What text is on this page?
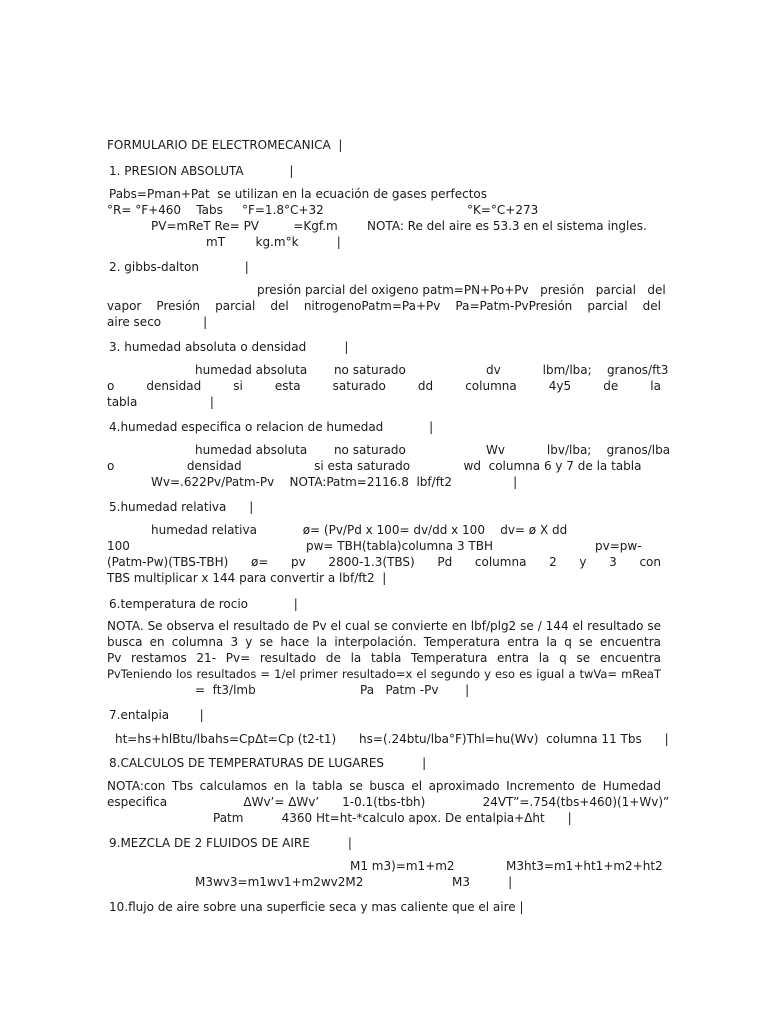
FORMULARIO DE ELECTROMECANICA  |
1. PRESION ABSOLUTA            |
Pabs=Pman+Pat  se utilizan en la ecuación de gases perfectos
°R= °F+460    Tabs     °F=1.8°C+32	°K=°C+273
PV=mReT Re= PV         =Kgf.m NOTA: Re del aire es 53.3 en el sistema ingles.
mT        kg.m°k          |
2. gibbs-dalton            |
presión parcial del oxigeno patm=PN+Po+Pv   presión   parcial   del
vapor Presión parcial del nitrogenoPatm=Pa+Pv Pa=Patm-PvPresión parcial del
aire seco           |
3. humedad absoluta o densidad          |
humedad absoluta       no saturado                     dv           lbm/lba;    granos/ft3
o densidad si esta saturado dd columna 4y5 de la
tabla                   |
4.humedad especifica o relacion de humedad            |
humedad absoluta       no saturado                     Wv           lbv/lba;    granos/lba
o                   densidad                   si esta saturado              wd  columna 6 y 7 de la tabla
Wv=.622Pv/Patm-Pv    NOTA:Patm=2116.8  lbf/ft2                |
5.humedad relativa      |
humedad relativa            ø= (Pv/Pd x 100= dv/dd x 100    dv= ø X dd
100	pw= TBH(tabla)columna 3 TBH	pv=pw-
(Patm-Pw)(TBS-TBH) ø= pv 2800-1.3(TBS) Pd columna 2 y 3 con
TBS multiplicar x 144 para convertir a lbf/ft2  |
6.temperatura de rocio            |
NOTA. Se observa el resultado de Pv el cual se convierte en lbf/plg2 se / 144 el resultado se
busca en columna 3 y se hace la interpolación. Temperatura entra la q se encuentra
Pv restamos 21- Pv= resultado de la tabla Temperatura entra la q se encuentra
PvTeniendo los resultados = 1/el primer resultado=x el segundo y eso es igual a twVa= mReaT
=  ft3/lmb	Pa   Patm -Pv       |
7.entalpia        |
ht=hs+hlBtu/lbahs=CpΔt=Cp (t2-t1)      hs=(.24btu/lba°F)Thl=hu(Wv)  columna 11 Tbs      |
8.CALCULOS DE TEMPERATURAS DE LUGARES          |
NOTA:con Tbs calculamos en la tabla se busca el aproximado Incremento de Humedad
especifica                    ΔWv’= ΔWv’      1-0.1(tbs-tbh)               24VT”=.754(tbs+460)(1+Wv)”
Patm          4360 Ht=ht-*calculo apox. De entalpia+Δht      |
9.MEZCLA DE 2 FLUIDOS DE AIRE          |
M1 m3)=m1+m2	M3ht3=m1+ht1+m2+ht2
M3wv3=m1wv1+m2wv2M2	M3          |
10.flujo de aire sobre una superficie seca y mas caliente que el aire |
